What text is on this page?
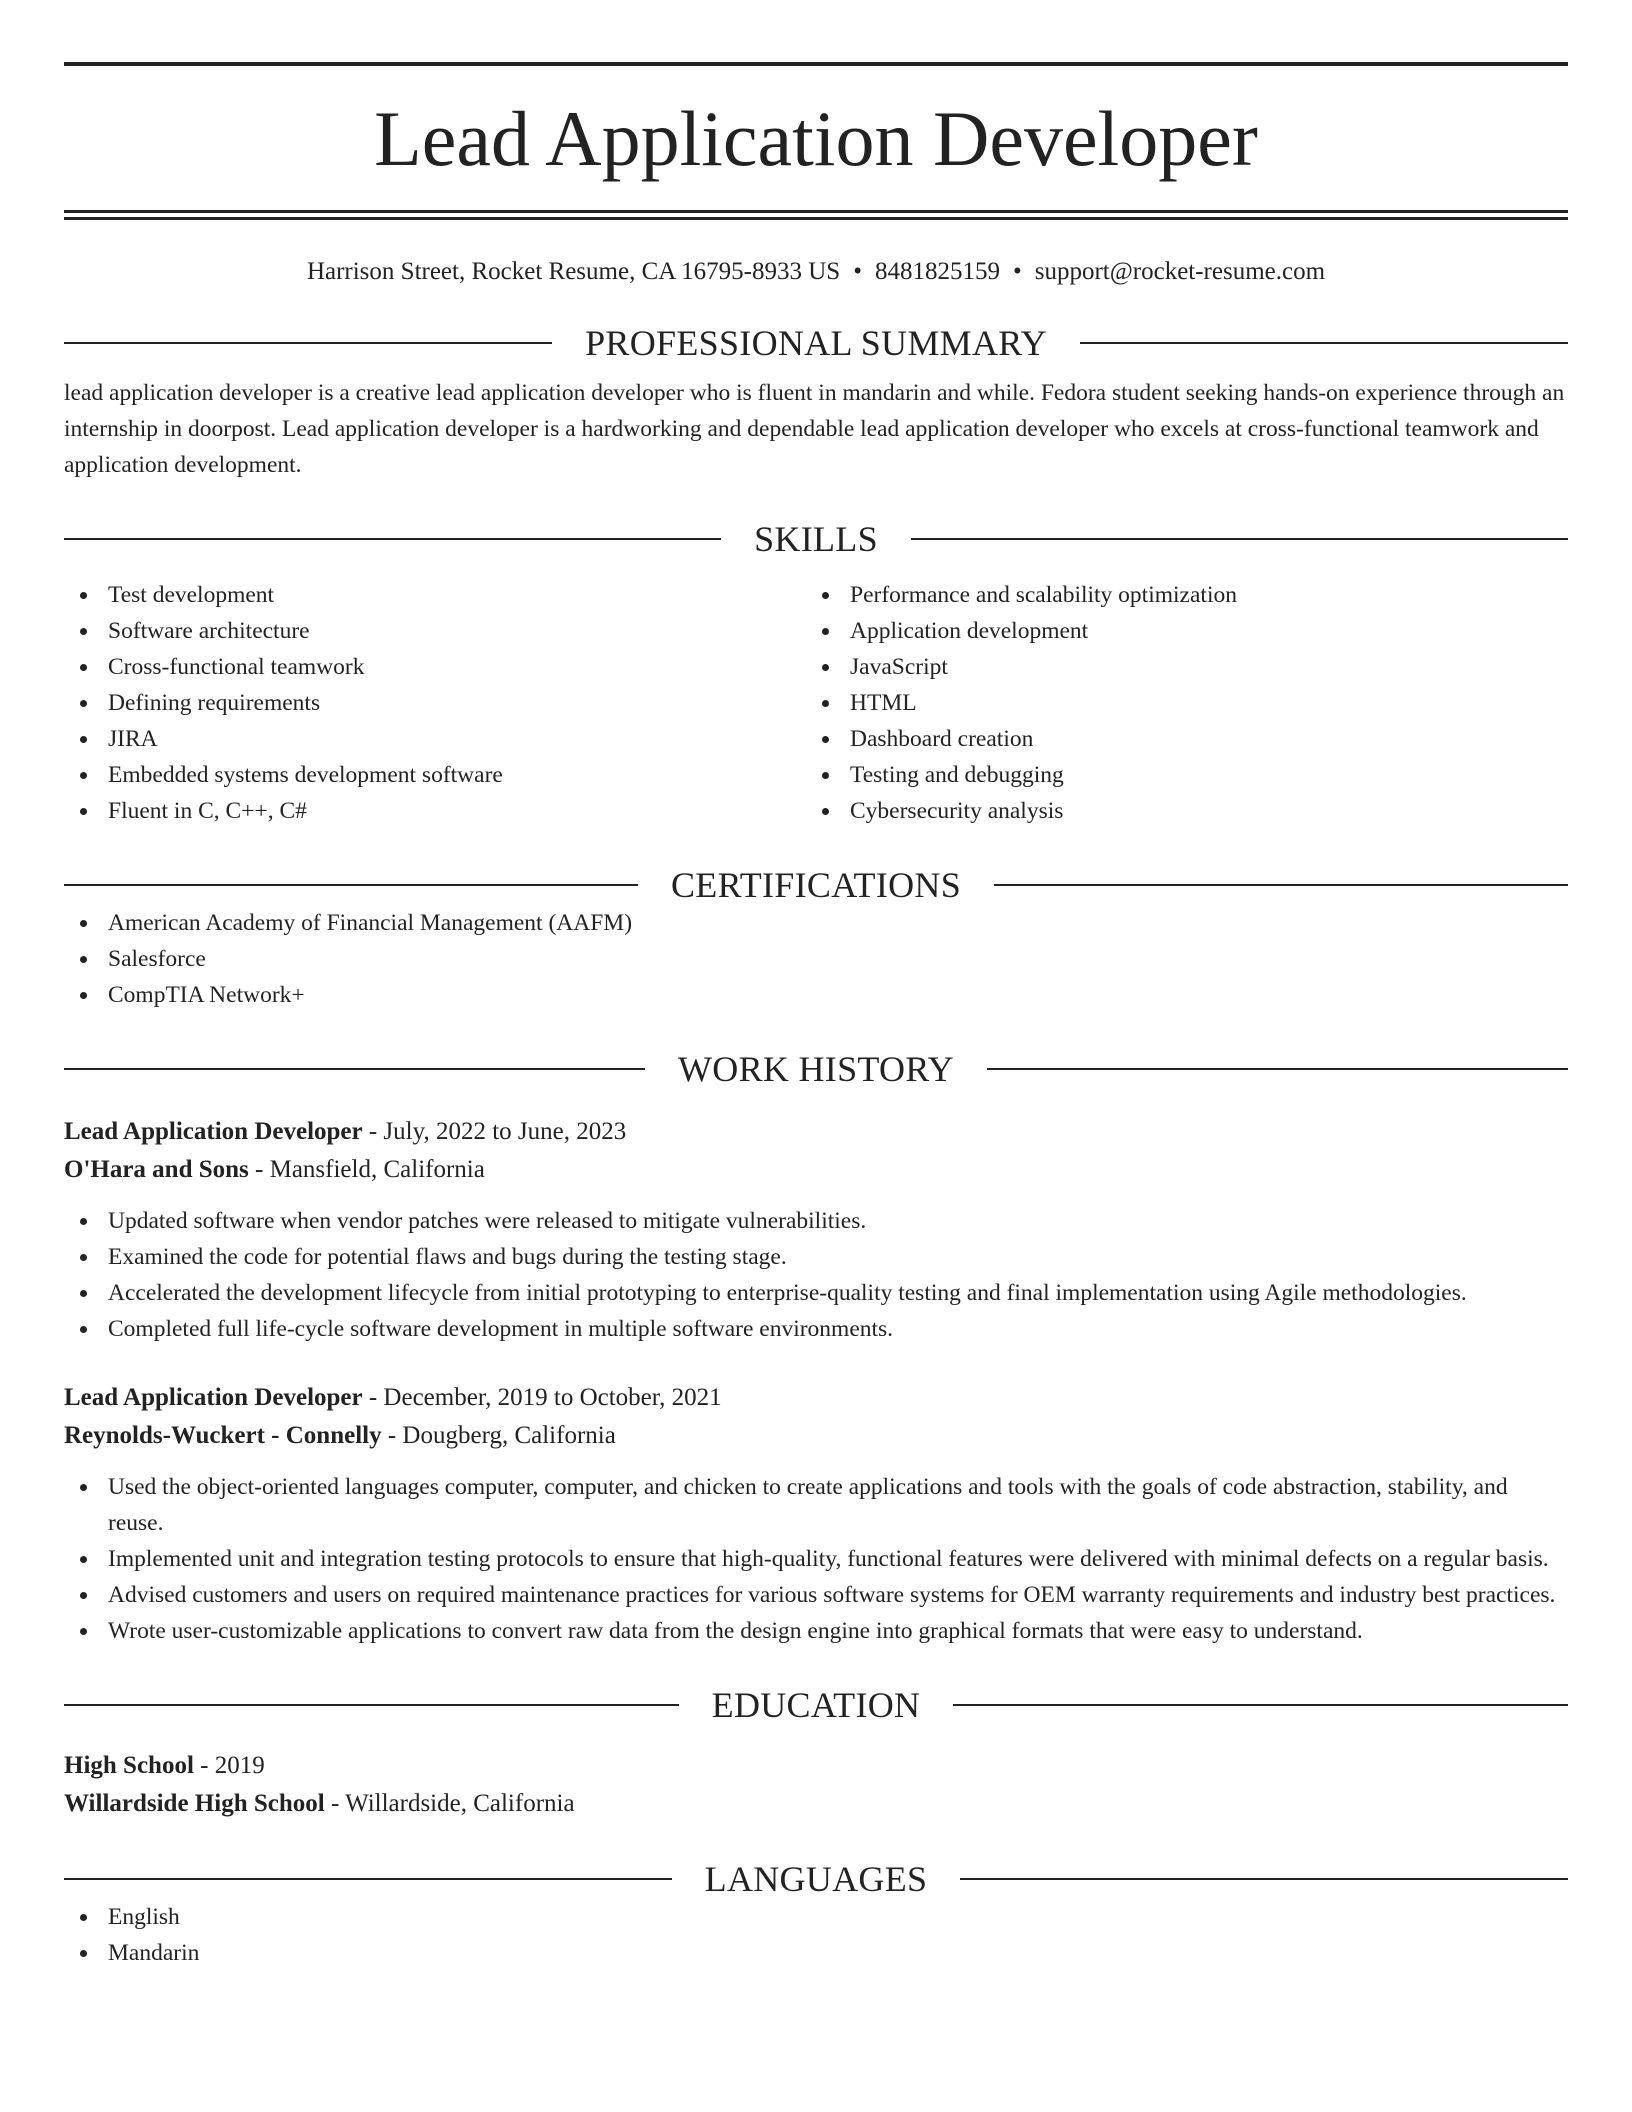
Lead Application Developer
Harrison Street, Rocket Resume, CA 16795-8933 US • 8481825159 • support@rocket-resume.com
PROFESSIONAL SUMMARY
lead application developer is a creative lead application developer who is fluent in mandarin and while. Fedora student seeking hands-on experience through an internship in doorpost. Lead application developer is a hardworking and dependable lead application developer who excels at cross-functional teamwork and application development.
SKILLS
Test development
Software architecture
Cross-functional teamwork
Defining requirements
JIRA
Embedded systems development software
Fluent in C, C++, C#
Performance and scalability optimization
Application development
JavaScript
HTML
Dashboard creation
Testing and debugging
Cybersecurity analysis
CERTIFICATIONS
American Academy of Financial Management (AAFM)
Salesforce
CompTIA Network+
WORK HISTORY
Lead Application Developer - July, 2022 to June, 2023
O'Hara and Sons - Mansfield, California
Updated software when vendor patches were released to mitigate vulnerabilities.
Examined the code for potential flaws and bugs during the testing stage.
Accelerated the development lifecycle from initial prototyping to enterprise-quality testing and final implementation using Agile methodologies.
Completed full life-cycle software development in multiple software environments.
Lead Application Developer - December, 2019 to October, 2021
Reynolds-Wuckert - Connelly - Dougberg, California
Used the object-oriented languages computer, computer, and chicken to create applications and tools with the goals of code abstraction, stability, and reuse.
Implemented unit and integration testing protocols to ensure that high-quality, functional features were delivered with minimal defects on a regular basis.
Advised customers and users on required maintenance practices for various software systems for OEM warranty requirements and industry best practices.
Wrote user-customizable applications to convert raw data from the design engine into graphical formats that were easy to understand.
EDUCATION
High School - 2019
Willardside High School - Willardside, California
LANGUAGES
English
Mandarin
